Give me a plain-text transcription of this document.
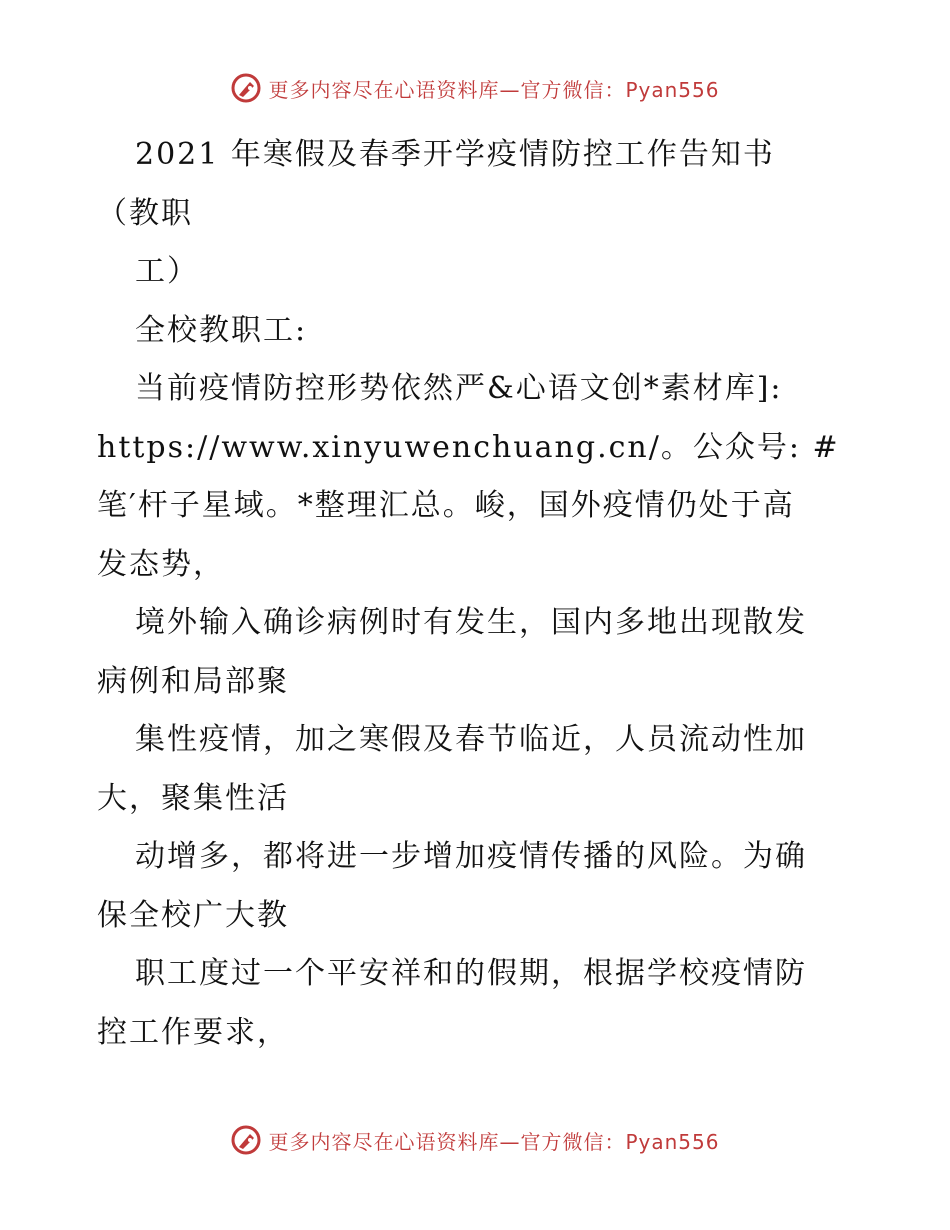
更多内容尽在心语资料库—官方微信：Pyan556
2021 年寒假及春季开学疫情防控工作告知书
（教职
工）
全校教职工:
当前疫情防控形势依然严&心语文创*素材库]:
https://www.xinyuwenchuang.cn/。公众号: #
笔′杆子星域。*整理汇总。峻，国外疫情仍处于高
发态势，
境外输入确诊病例时有发生，国内多地出现散发
病例和局部聚
集性疫情，加之寒假及春节临近，人员流动性加
大，聚集性活
动增多，都将进一步增加疫情传播的风险。为确
保全校广大教
职工度过一个平安祥和的假期，根据学校疫情防
控工作要求，
更多内容尽在心语资料库—官方微信：Pyan556
